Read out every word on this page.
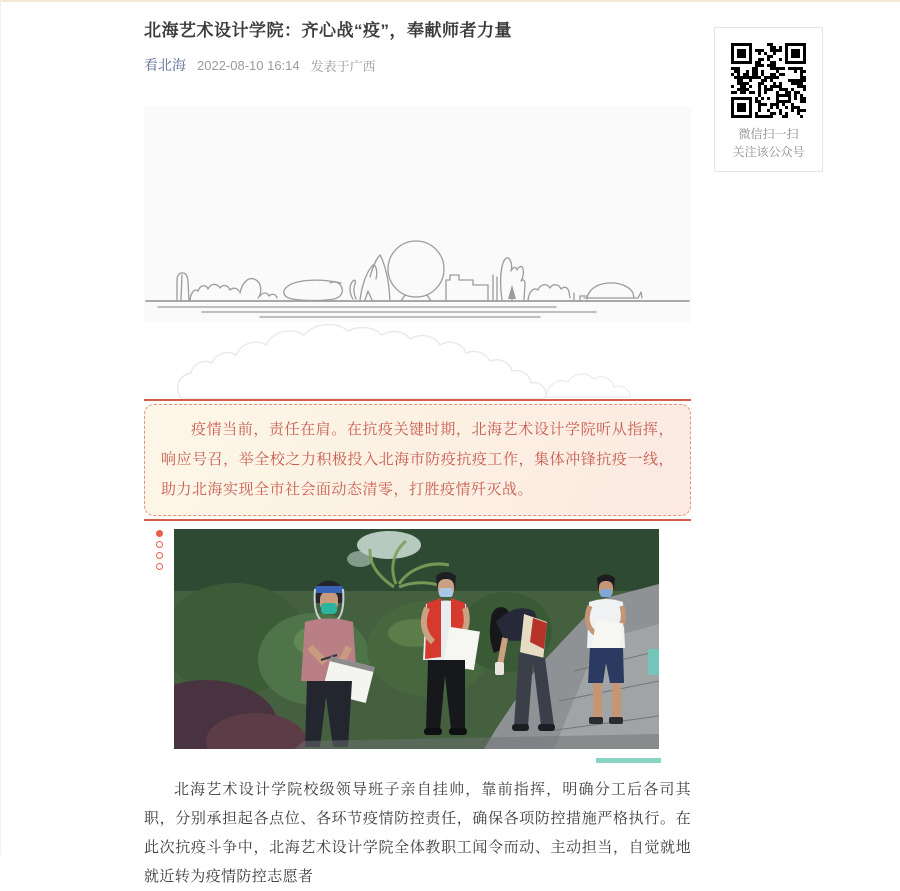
北海艺术设计学院：齐心战“疫”，奉献师者力量
看北海 2022-08-10 16:14 发表于广西

疫情当前，责任在肩。在抗疫关键时期，北海艺术设计学院听从指挥，响应号召，举全校之力积极投入北海市防疫抗疫工作，集体冲锋抗疫一线，助力北海实现全市社会面动态清零，打胜疫情歼灭战。

北海艺术设计学院校级领导班子亲自挂帅，靠前指挥，明确分工后各司其职，分别承担起各点位、各环节疫情防控责任，确保各项防控措施严格执行。在此次抗疫斗争中，北海艺术设计学院全体教职工闻令而动、主动担当，自觉就地就近转为疫情防控志愿者

微信扫一扫
关注该公众号
